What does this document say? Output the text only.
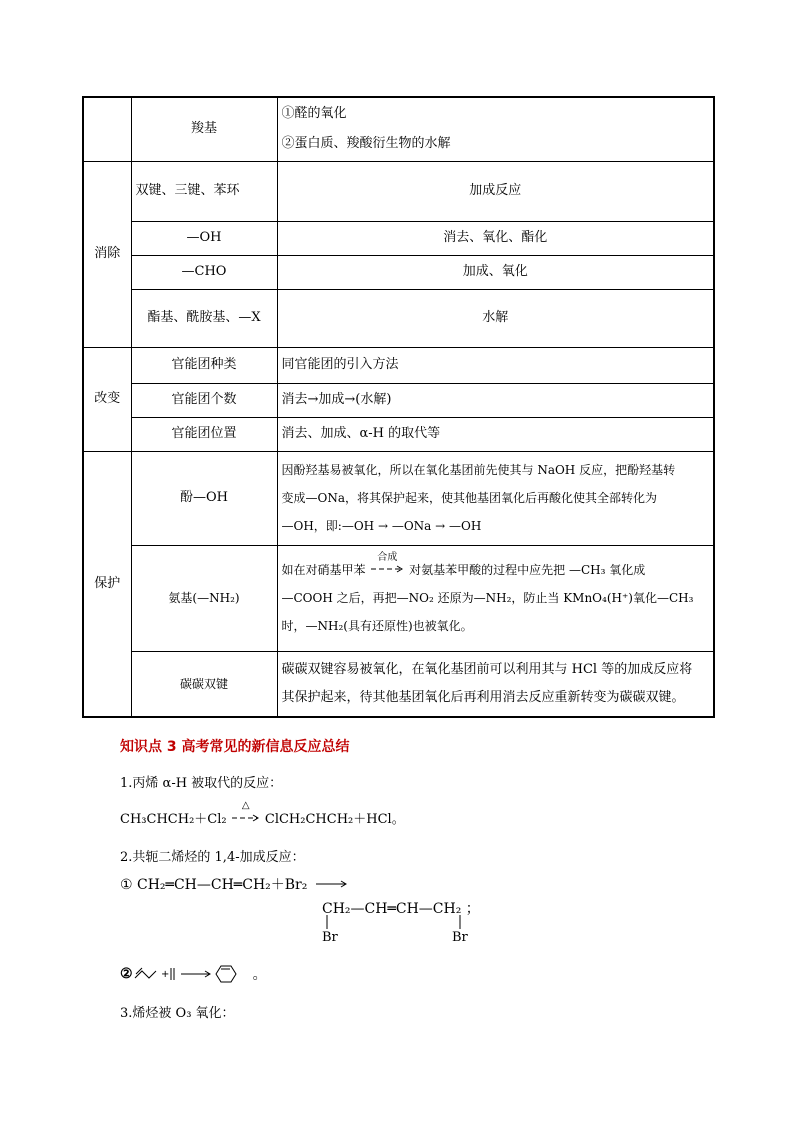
	羧基	①醛的氧化
②蛋白质、羧酸衍生物的水解

消除	双键、三键、苯环	加成反应
	—OH	消去、氧化、酯化
	—CHO	加成、氧化
	酯基、酰胺基、—X	水解
改变	官能团种类	同官能团的引入方法
	官能团个数	消去→加成→(水解)
	官能团位置	消去、加成、α-H 的取代等
保护	酚—OH	因酚羟基易被氧化，所以在氧化基团前先使其与 NaOH 反应，把酚羟基转
变成—ONa，将其保护起来，使其他基团氧化后再酸化使其全部转化为
—OH，即:—OH → —ONa → —OH

	氨基(—NH₂)	如在对硝基甲苯
合成
对氨基苯甲酸的过程中应先把 —CH₃ 氧化成
—COOH 之后，再把—NO₂ 还原为—NH₂，防止当 KMnO₄(H⁺)氧化—CH₃
时，—NH₂(具有还原性)也被氧化。

	碳碳双键	碳碳双键容易被氧化，在氧化基团前可以利用其与 HCl 等的加成反应将
其保护起来，待其他基团氧化后再利用消去反应重新转变为碳碳双键。
知识点 3 高考常见的新信息反应总结
1.丙烯 α-H 被取代的反应：
CH₃CHCH₂＋Cl₂
△
ClCH₂CHCH₂＋HCl。
2.共轭二烯烃的 1,4-加成反应：
① CH₂═CH—CH═CH₂＋Br₂
CH₂—CH═CH—CH₂ ；
Br	Br
②	+	。
3.烯烃被 O₃ 氧化：
